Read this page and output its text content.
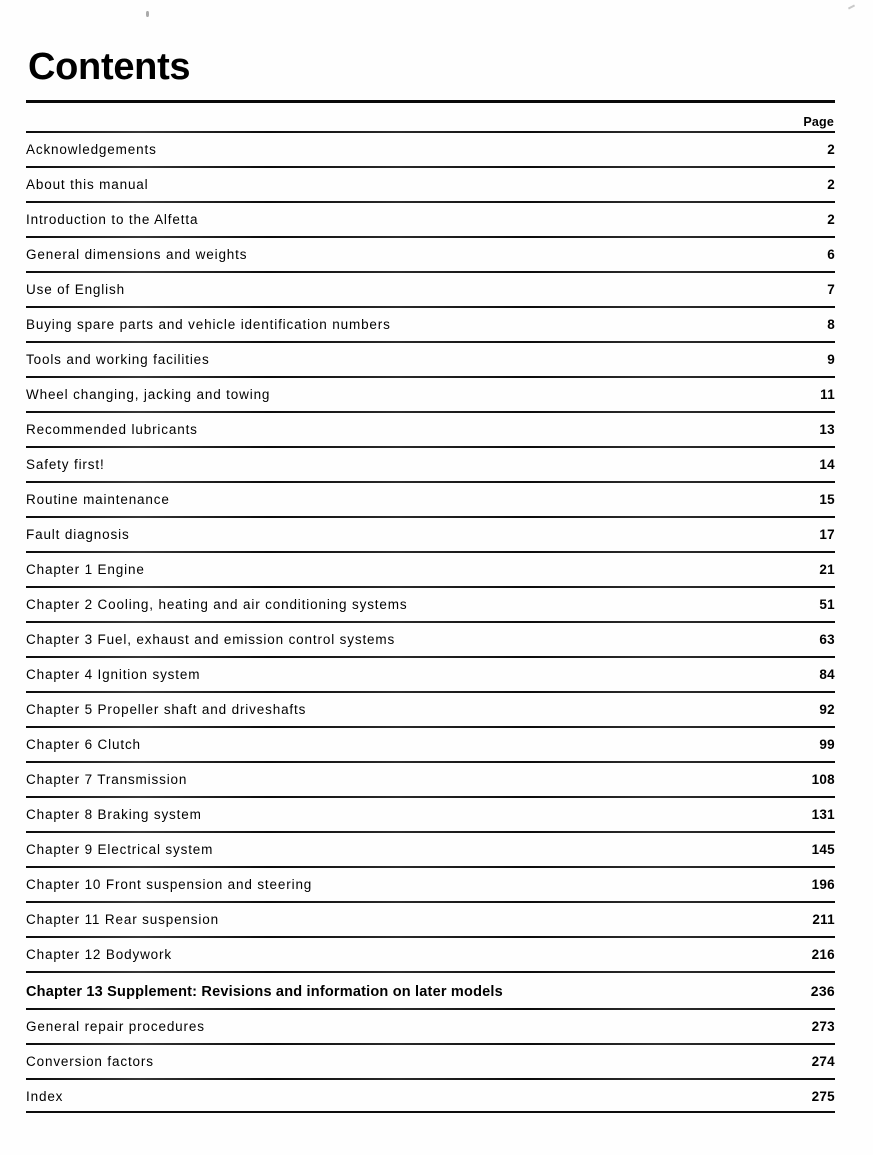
Contents
Page
Acknowledgements	2
About this manual	2
Introduction to the Alfetta	2
General dimensions and weights	6
Use of English	7
Buying spare parts and vehicle identification numbers	8
Tools and working facilities	9
Wheel changing, jacking and towing	11
Recommended lubricants	13
Safety first!	14
Routine maintenance	15
Fault diagnosis	17
Chapter 1 Engine	21
Chapter 2 Cooling, heating and air conditioning systems	51
Chapter 3 Fuel, exhaust and emission control systems	63
Chapter 4 Ignition system	84
Chapter 5 Propeller shaft and driveshafts	92
Chapter 6 Clutch	99
Chapter 7 Transmission	108
Chapter 8 Braking system	131
Chapter 9 Electrical system	145
Chapter 10 Front suspension and steering	196
Chapter 11 Rear suspension	211
Chapter 12 Bodywork	216
Chapter 13 Supplement: Revisions and information on later models	236
General repair procedures	273
Conversion factors	274
Index	275
